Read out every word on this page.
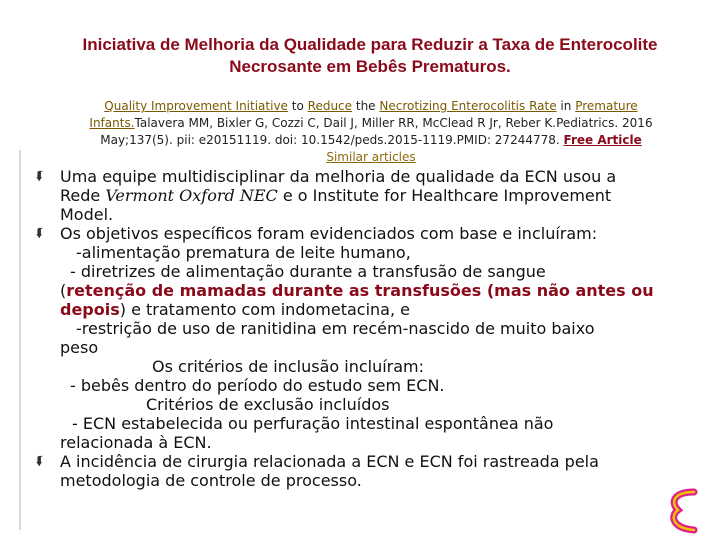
Iniciativa de Melhoria da Qualidade para Reduzir a Taxa de Enterocolite
Necrosante em Bebês Prematuros.
Quality Improvement Initiative to Reduce the Necrotizing Enterocolitis Rate in Premature
Infants.Talavera MM, Bixler G, Cozzi C, Dail J, Miller RR, McClead R Jr, Reber K.Pediatrics. 2016
May;137(5). pii: e20151119. doi: 10.1542/peds.2015-1119.PMID: 27244778. Free Article
Similar articles
⮮ Uma equipe multidisciplinar da melhoria de qualidade da ECN usou a
Rede Vermont Oxford NEC e o Institute for Healthcare Improvement
Model.
⮮ Os objetivos específicos foram evidenciados com base e incluíram:
-alimentação prematura de leite humano,
- diretrizes de alimentação durante a transfusão de sangue
(retenção de mamadas durante as transfusões (mas não antes ou
depois) e tratamento com indometacina, e
-restrição de uso de ranitidina em recém-nascido de muito baixo
peso
Os critérios de inclusão incluíram:
- bebês dentro do período do estudo sem ECN.
Critérios de exclusão incluídos
- ECN estabelecida ou perfuração intestinal espontânea não
relacionada à ECN.
⮮ A incidência de cirurgia relacionada a ECN e ECN foi rastreada pela
metodologia de controle de processo.
